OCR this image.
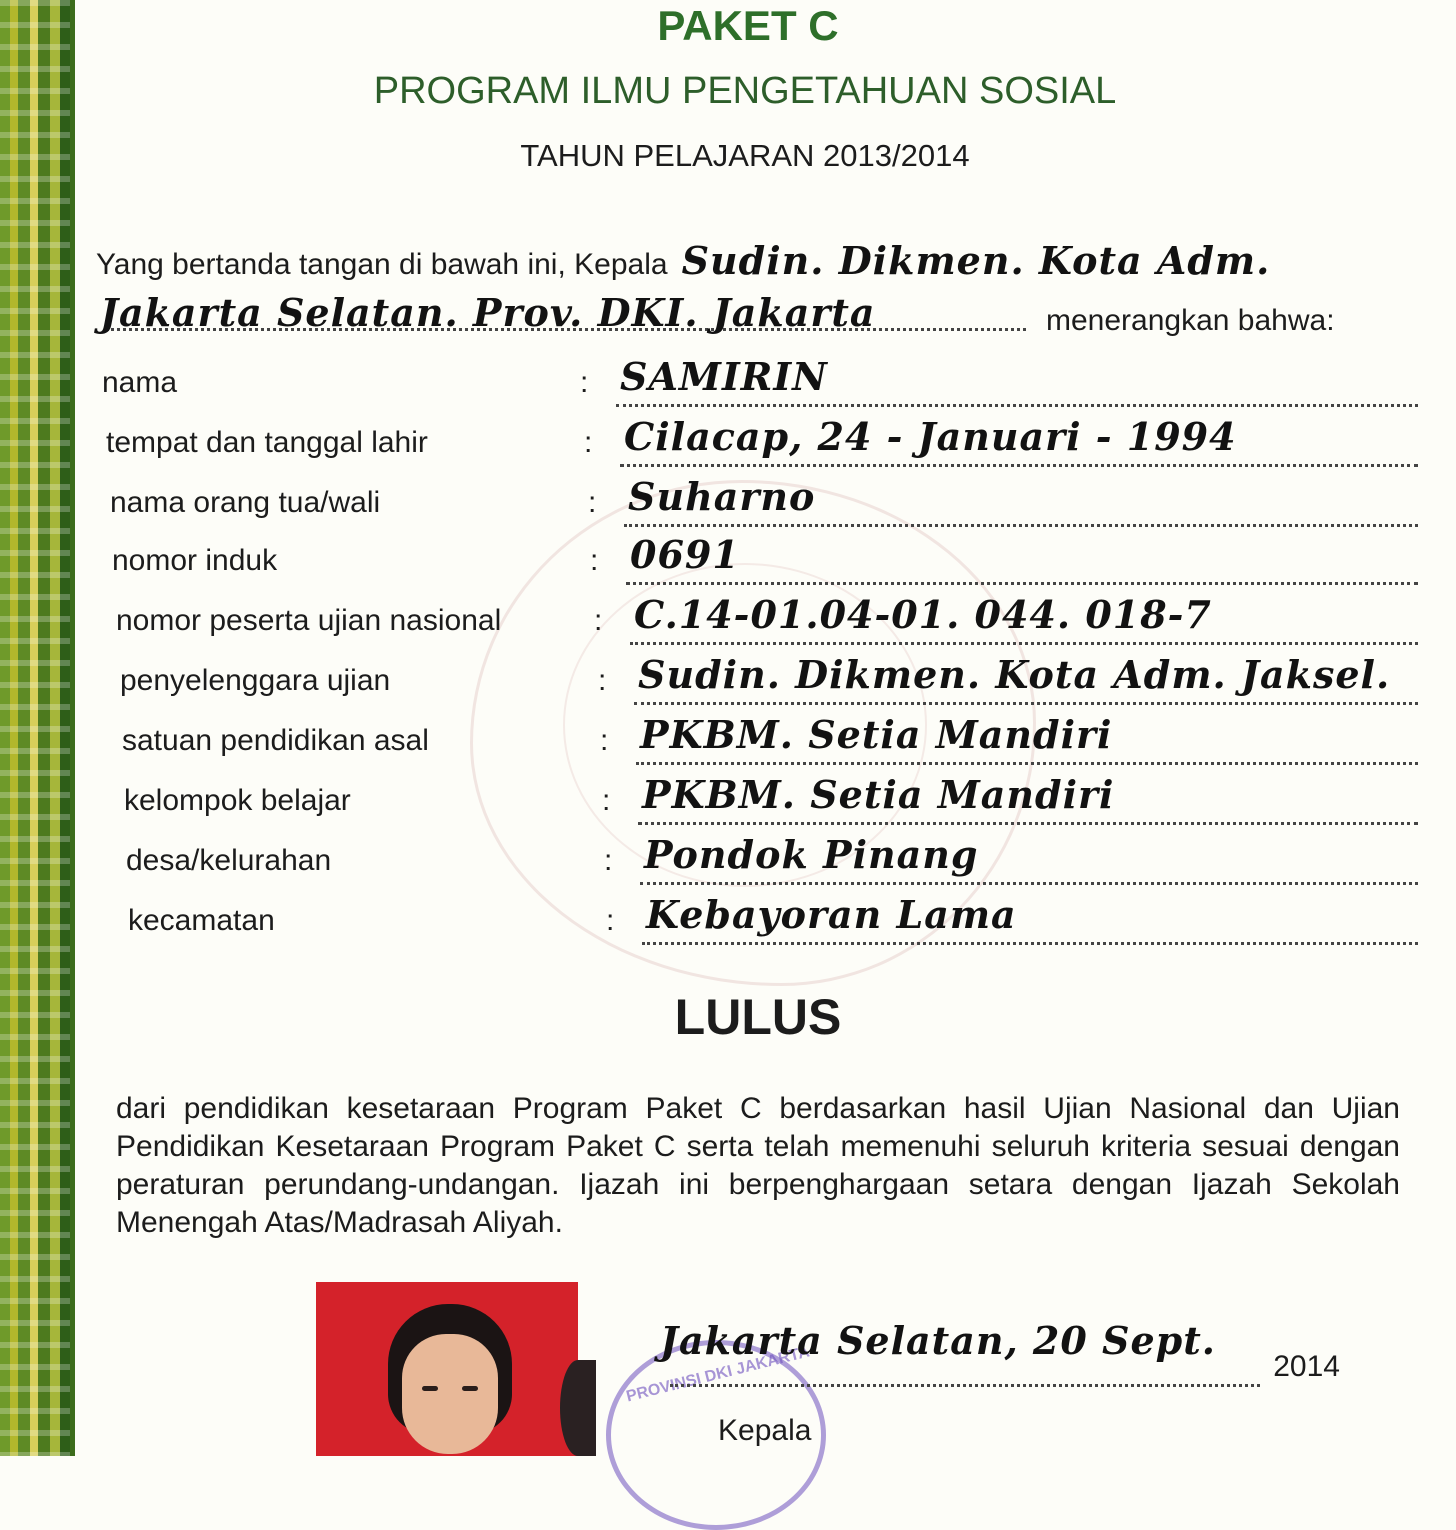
PAKET C
PROGRAM ILMU PENGETAHUAN SOSIAL
TAHUN PELAJARAN 2013/2014
Yang bertanda tangan di bawah ini, Kepala Sudin. Dikmen. Kota Adm.
Jakarta Selatan. Prov. DKI. Jakarta	menerangkan bahwa:
nama	: SAMIRIN
tempat dan tanggal lahir	: Cilacap, 24 - Januari - 1994
nama orang tua/wali	: Suharno
nomor induk	: 0691
nomor peserta ujian nasional	: C.14-01.04-01. 044. 018-7
penyelenggara ujian	: Sudin. Dikmen. Kota Adm. Jaksel.
satuan pendidikan asal	: PKBM. Setia Mandiri
kelompok belajar	: PKBM. Setia Mandiri
desa/kelurahan	: Pondok Pinang
kecamatan	: Kebayoran Lama
LULUS
dari pendidikan kesetaraan Program Paket C berdasarkan hasil Ujian Nasional dan Ujian Pendidikan Kesetaraan Program Paket C serta telah memenuhi seluruh kriteria sesuai dengan peraturan perundang-undangan. Ijazah ini berpenghargaan setara dengan Ijazah Sekolah Menengah Atas/Madrasah Aliyah.
PROVINSI DKI JAKARTA
Jakarta Selatan, 20 Sept.
2014
Kepala
